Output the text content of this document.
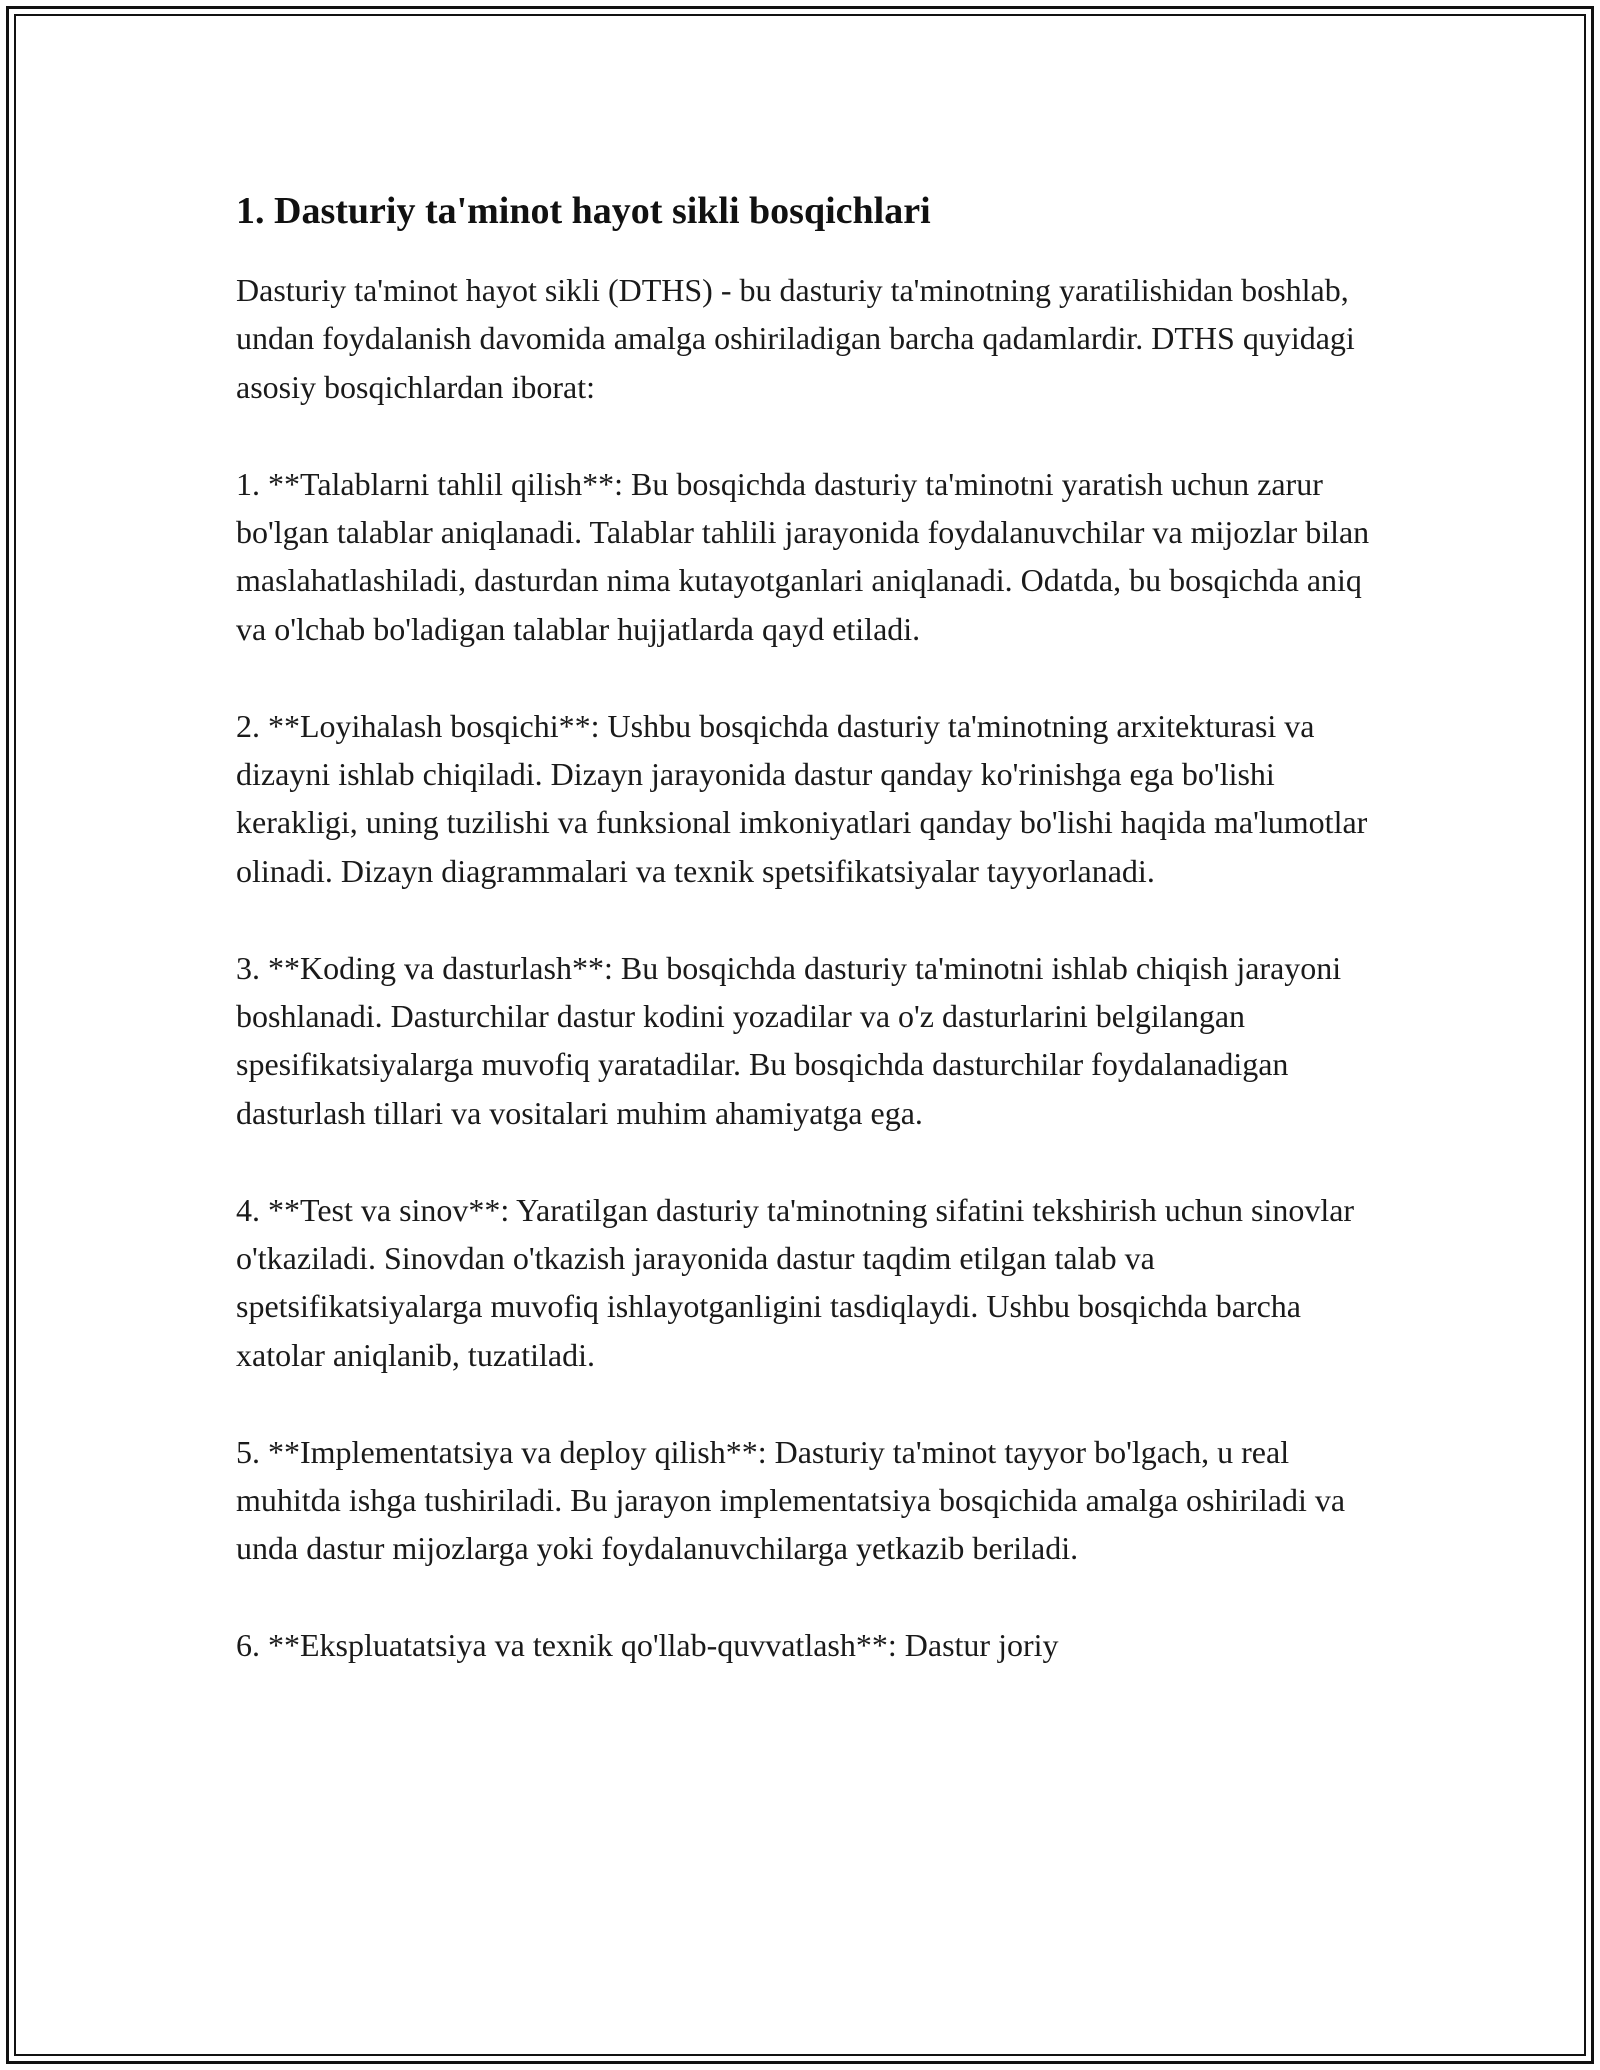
1. Dasturiy ta'minot hayot sikli bosqichlari

Dasturiy ta'minot hayot sikli (DTHS) - bu dasturiy ta'minotning yaratilishidan boshlab, undan foydalanish davomida amalga oshiriladigan barcha qadamlardir. DTHS quyidagi asosiy bosqichlardan iborat:

1. **Talablarni tahlil qilish**: Bu bosqichda dasturiy ta'minotni yaratish uchun zarur bo'lgan talablar aniqlanadi. Talablar tahlili jarayonida foydalanuvchilar va mijozlar bilan maslahatlashiladi, dasturdan nima kutayotganlari aniqlanadi. Odatda, bu bosqichda aniq va o'lchab bo'ladigan talablar hujjatlarda qayd etiladi.

2. **Loyihalash bosqichi**: Ushbu bosqichda dasturiy ta'minotning arxitekturasi va dizayni ishlab chiqiladi. Dizayn jarayonida dastur qanday ko'rinishga ega bo'lishi kerakligi, uning tuzilishi va funksional imkoniyatlari qanday bo'lishi haqida ma'lumotlar olinadi. Dizayn diagrammalari va texnik spetsifikatsiyalar tayyorlanadi.

3. **Koding va dasturlash**: Bu bosqichda dasturiy ta'minotni ishlab chiqish jarayoni boshlanadi. Dasturchilar dastur kodini yozadilar va o'z dasturlarini belgilangan spesifikatsiyalarga muvofiq yaratadilar. Bu bosqichda dasturchilar foydalanadigan dasturlash tillari va vositalari muhim ahamiyatga ega.

4. **Test va sinov**: Yaratilgan dasturiy ta'minotning sifatini tekshirish uchun sinovlar o'tkaziladi. Sinovdan o'tkazish jarayonida dastur taqdim etilgan talab va spetsifikatsiyalarga muvofiq ishlayotganligini tasdiqlaydi. Ushbu bosqichda barcha xatolar aniqlanib, tuzatiladi.

5. **Implementatsiya va deploy qilish**: Dasturiy ta'minot tayyor bo'lgach, u real muhitda ishga tushiriladi. Bu jarayon implementatsiya bosqichida amalga oshiriladi va unda dastur mijozlarga yoki foydalanuvchilarga yetkazib beriladi.

6. **Ekspluatatsiya va texnik qo'llab-quvvatlash**: Dastur joriy
